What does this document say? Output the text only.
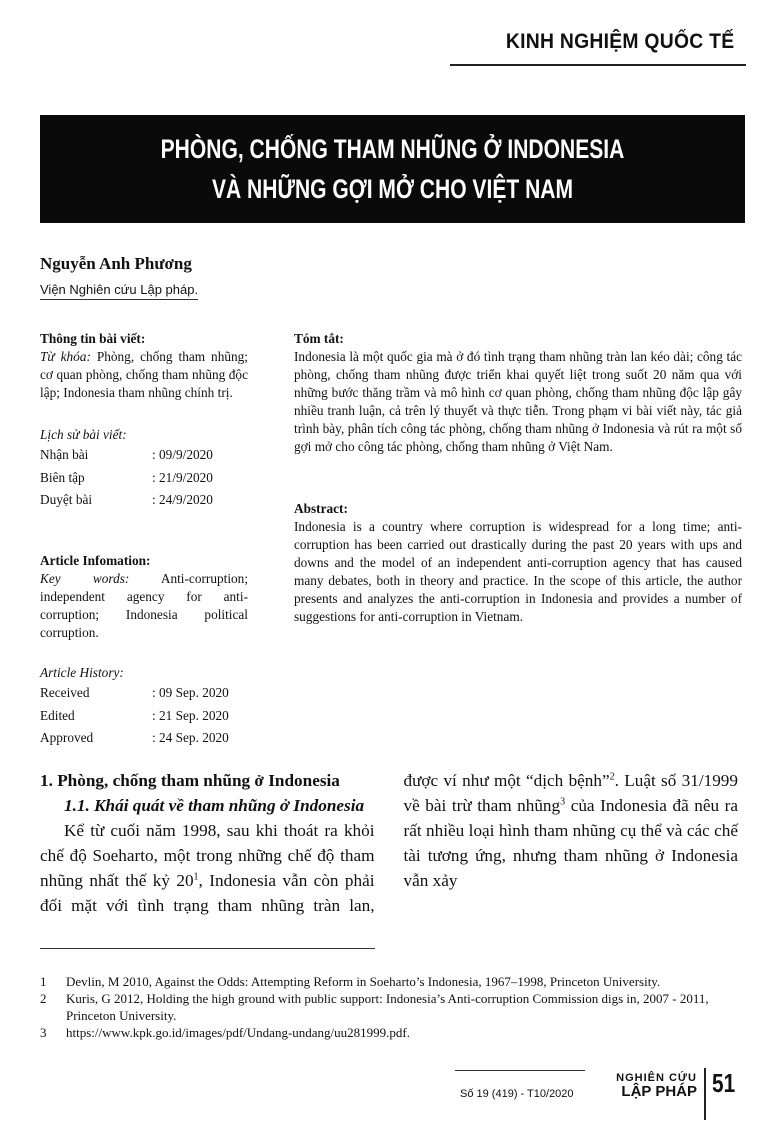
KINH NGHIỆM QUỐC TẾ
PHÒNG, CHỐNG THAM NHŨNG Ở INDONESIA
VÀ NHỮNG GỢI MỞ CHO VIỆT NAM
Nguyễn Anh Phương
Viện Nghiên cứu Lập pháp.
Thông tin bài viết:
Từ khóa: Phòng, chống tham nhũng; cơ quan phòng, chống tham nhũng độc lập; Indonesia tham nhũng chính trị.
Lịch sử bài viết:
Nhận bài	: 09/9/2020
Biên tập	: 21/9/2020
Duyệt bài	: 24/9/2020
Article Infomation:
Key words: Anti-corruption; independent agency for anti-corruption; Indonesia political corruption.
Article History:
Received	: 09 Sep. 2020
Edited	: 21 Sep. 2020
Approved	: 24 Sep. 2020
Tóm tắt:
Indonesia là một quốc gia mà ở đó tình trạng tham nhũng tràn lan kéo dài; công tác phòng, chống tham nhũng được triển khai quyết liệt trong suốt 20 năm qua với những bước thăng trầm và mô hình cơ quan phòng, chống tham nhũng độc lập gây nhiều tranh luận, cả trên lý thuyết và thực tiễn. Trong phạm vi bài viết này, tác giả trình bày, phân tích công tác phòng, chống tham nhũng ở Indonesia và rút ra một số gợi mở cho công tác phòng, chống tham nhũng ở Việt Nam.
Abstract:
Indonesia is a country where corruption is widespread for a long time; anti-corruption has been carried out drastically during the past 20 years with ups and downs and the model of an independent anti-corruption agency that has caused many debates, both in theory and practice. In the scope of this article, the author presents and analyzes the anti-corruption in Indonesia and provides a number of suggestions for anti-corruption in Vietnam.
1. Phòng, chống tham nhũng ở Indonesia
1.1. Khái quát về tham nhũng ở Indonesia
Kể từ cuối năm 1998, sau khi thoát ra khỏi chế độ Soeharto, một trong những chế độ tham nhũng nhất thế kỷ $20^1$, Indonesia vẫn còn phải đối mặt với tình trạng tham nhũng tràn lan, được ví như một “dịch bệnh”$^2$. Luật số 31/1999 về bài trừ tham nhũng$^3$ của Indonesia đã nêu ra rất nhiều loại hình tham nhũng cụ thể và các chế tài tương ứng, nhưng tham nhũng ở Indonesia vẫn xảy
1	Devlin, M 2010, Against the Odds: Attempting Reform in Soeharto’s Indonesia, 1967–1998, Princeton University.
2	Kuris, G 2012, Holding the high ground with public support: Indonesia’s Anti-corruption Commission digs in, 2007 - 2011, Princeton University.
3	https://www.kpk.go.id/images/pdf/Undang-undang/uu281999.pdf.
Số 19 (419) - T10/2020
NGHIÊN CỨU
LẬP PHÁP 51
